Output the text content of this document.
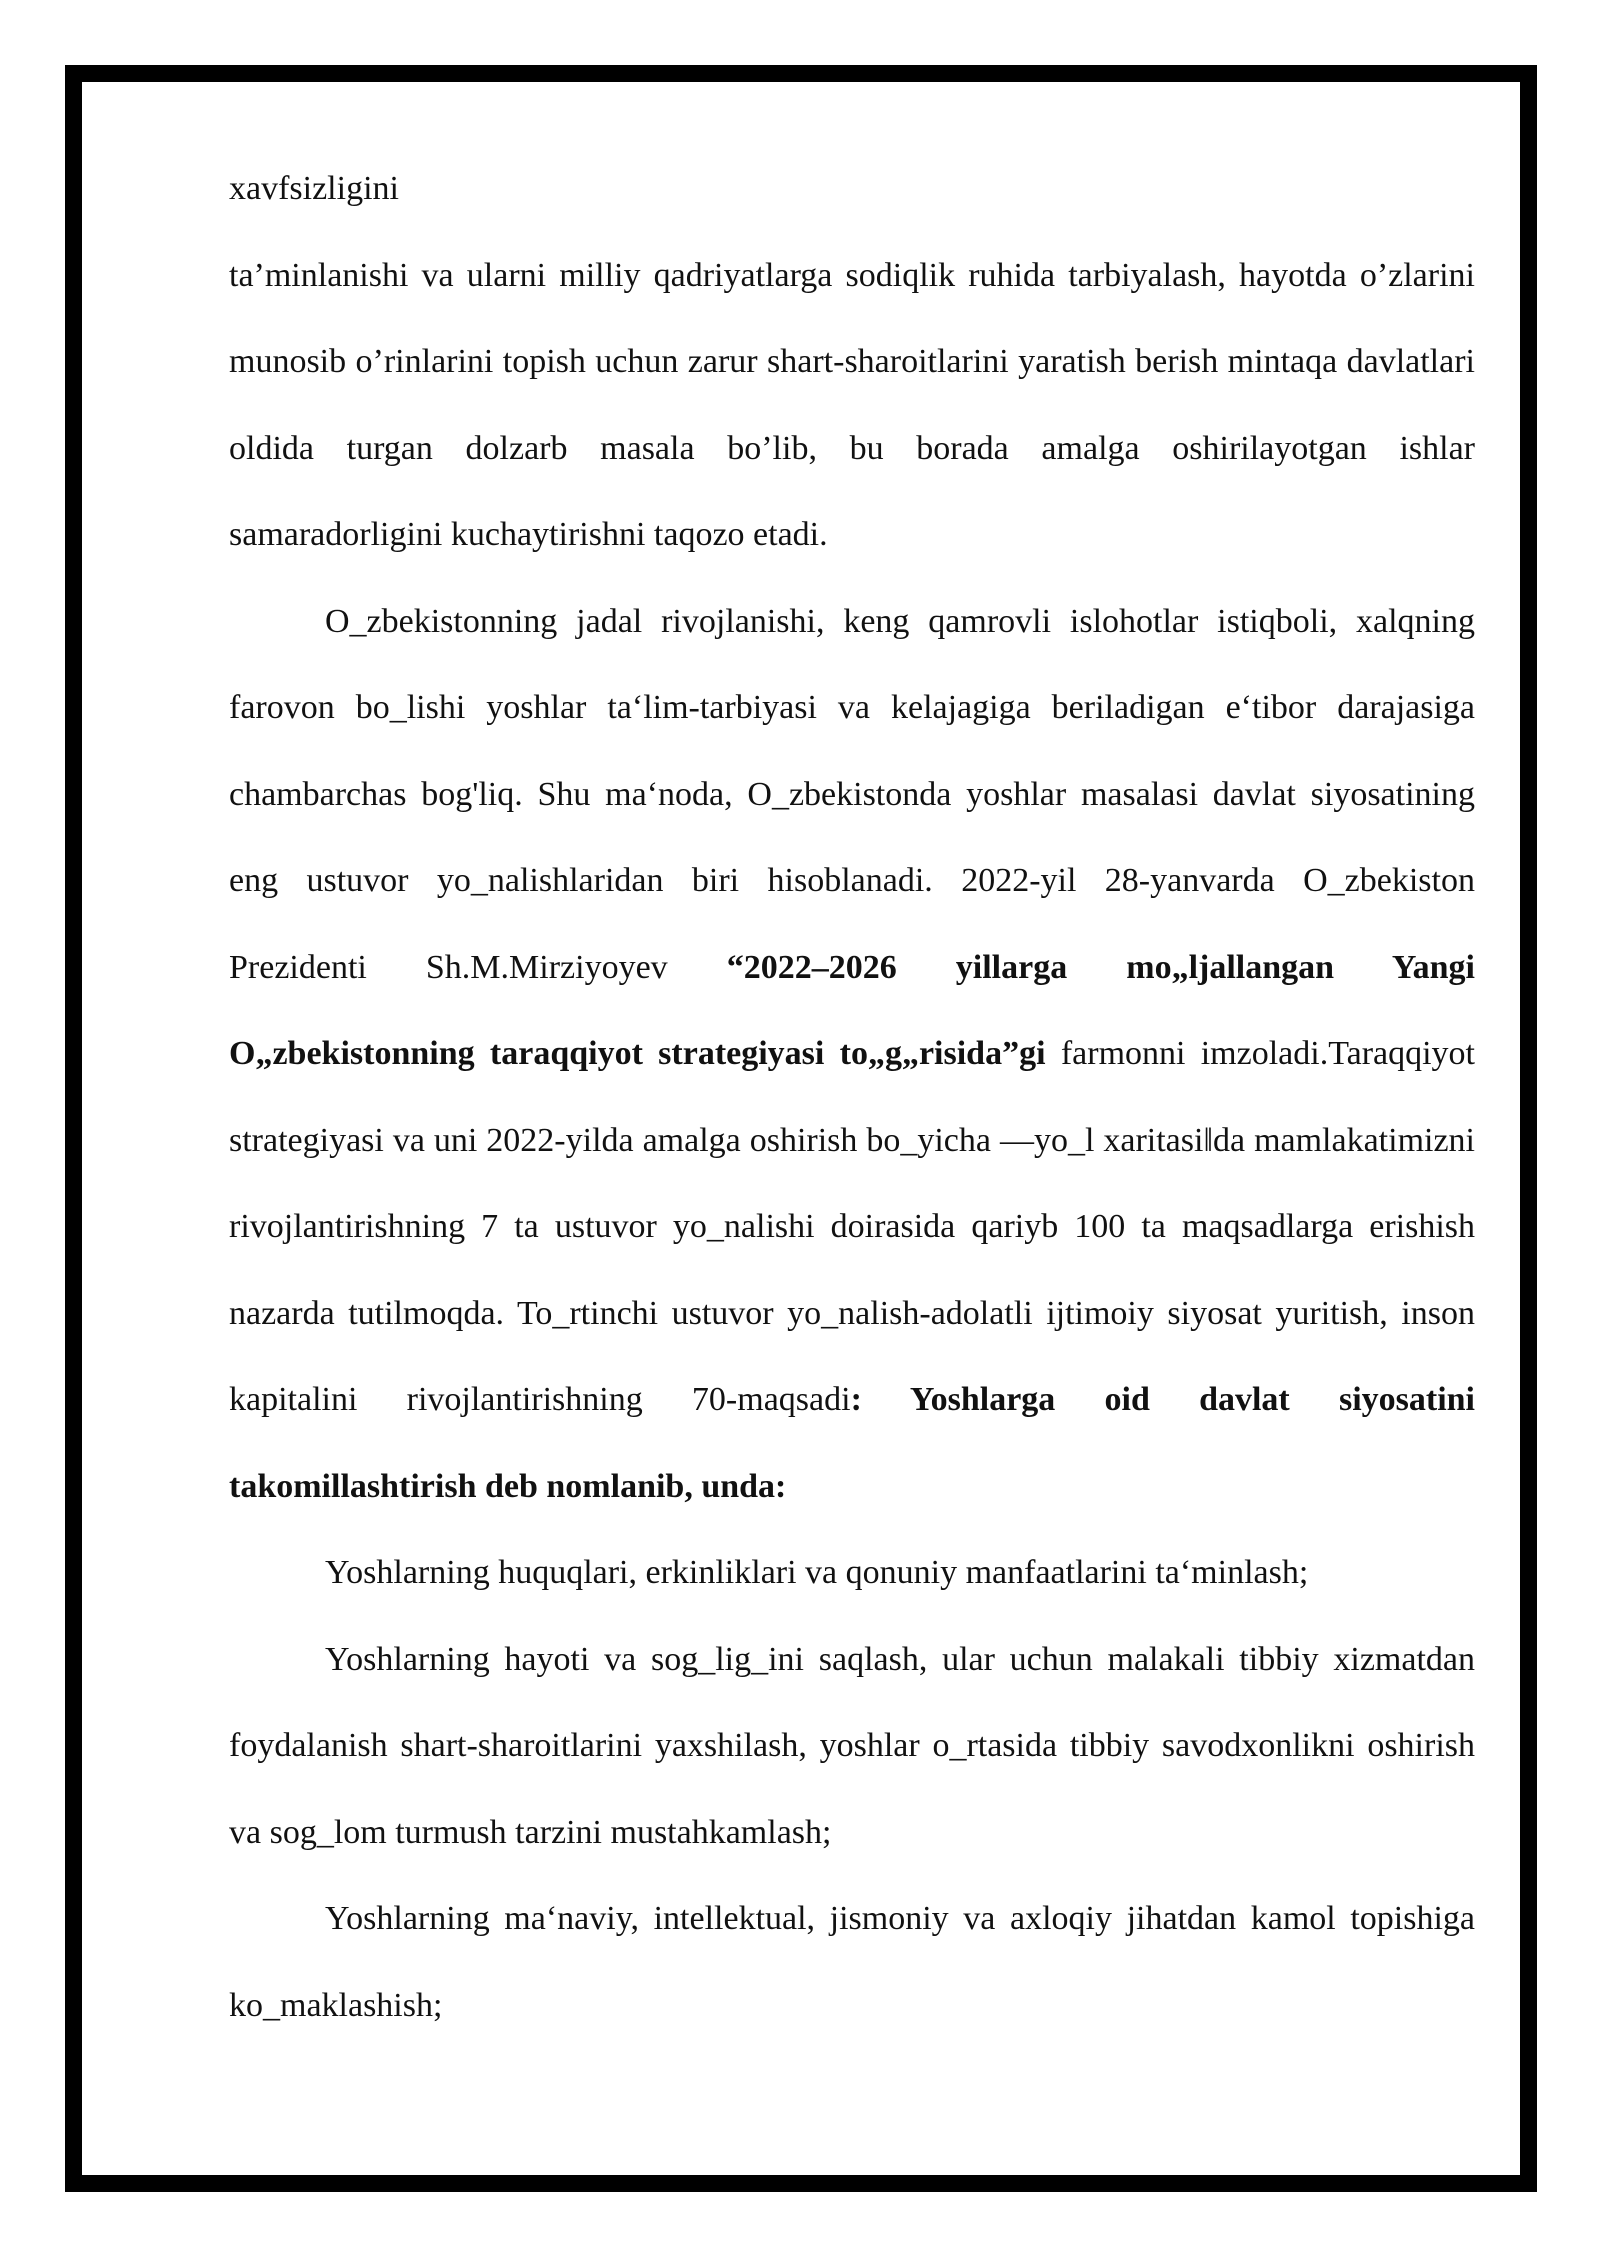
xavfsizligini

ta’minlanishi va ularni milliy qadriyatlarga sodiqlik ruhida tarbiyalash, hayotda o’zlarini munosib o’rinlarini topish uchun zarur shart-sharoitlarini yaratish berish mintaqa davlatlari oldida turgan dolzarb masala bo’lib, bu borada amalga oshirilayotgan ishlar samaradorligini kuchaytirishni taqozo etadi.

O_zbekistonning jadal rivojlanishi, keng qamrovli islohotlar istiqboli, xalqning farovon bo_lishi yoshlar ta‘lim-tarbiyasi va kelajagiga beriladigan e‘tibor darajasiga chambarchas bog'liq. Shu ma‘noda, O_zbekistonda yoshlar masalasi davlat siyosatining eng ustuvor yo_nalishlaridan biri hisoblanadi. 2022-yil 28-yanvarda O_zbekiston Prezidenti Sh.M.Mirziyoyev “2022–2026 yillarga mo„ljallangan Yangi O„zbekistonning taraqqiyot strategiyasi to„g„risida”gi farmonni imzoladi.Taraqqiyot strategiyasi va uni 2022-yilda amalga oshirish bo_yicha ―yo_l xaritasi‖da mamlakatimizni rivojlantirishning 7 ta ustuvor yo_nalishi doirasida qariyb 100 ta maqsadlarga erishish nazarda tutilmoqda. To_rtinchi ustuvor yo_nalish-adolatli ijtimoiy siyosat yuritish, inson kapitalini rivojlantirishning 70-maqsadi: Yoshlarga oid davlat siyosatini takomillashtirish deb nomlanib, unda:

Yoshlarning huquqlari, erkinliklari va qonuniy manfaatlarini ta‘minlash;

Yoshlarning hayoti va sog_lig_ini saqlash, ular uchun malakali tibbiy xizmatdan foydalanish shart-sharoitlarini yaxshilash, yoshlar o_rtasida tibbiy savodxonlikni oshirish va sog_lom turmush tarzini mustahkamlash;

Yoshlarning ma‘naviy, intellektual, jismoniy va axloqiy jihatdan kamol topishiga ko_maklashish;
